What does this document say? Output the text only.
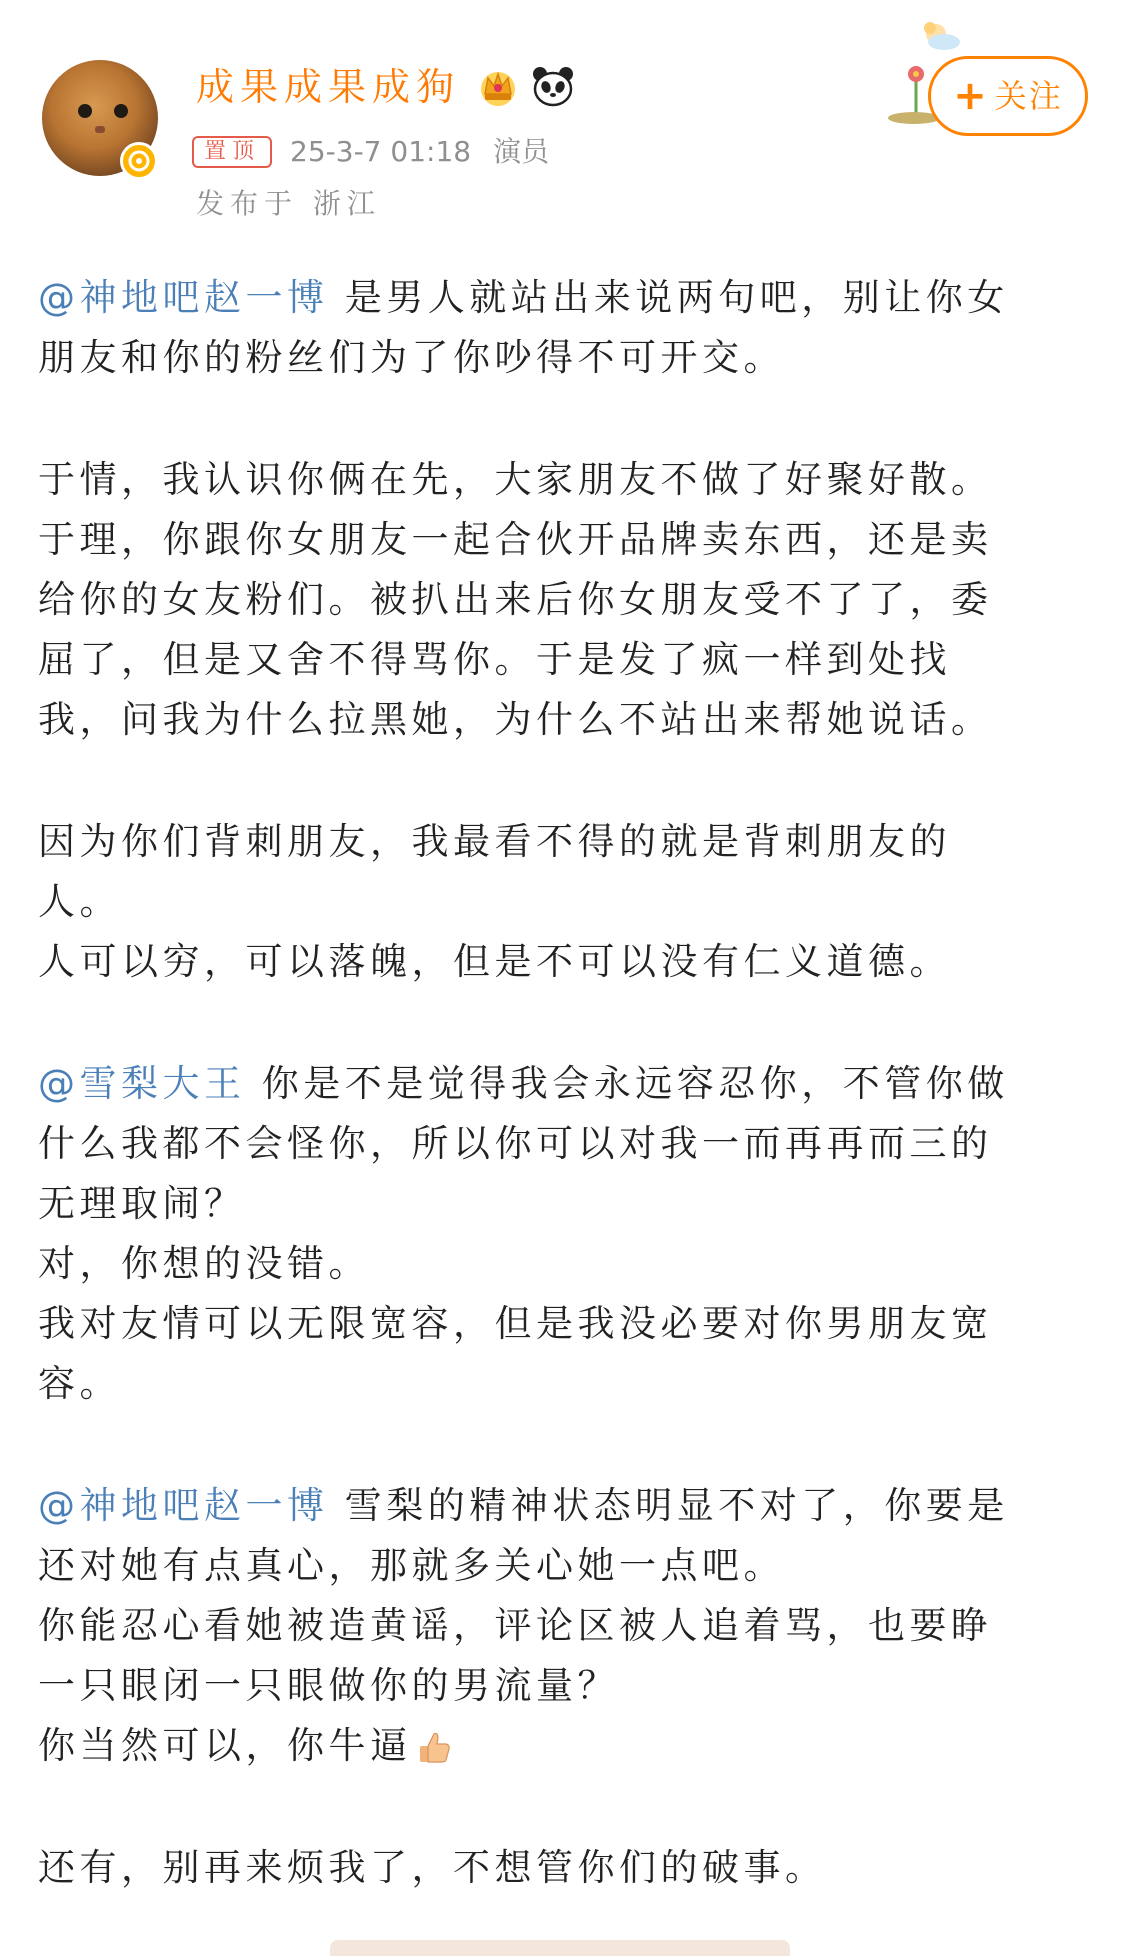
成果成果成狗
置顶 25-3-7 01:18 演员
发布于 浙江
+ 关注

@神地吧赵一博 是男人就站出来说两句吧，别让你女
朋友和你的粉丝们为了你吵得不可开交。

于情，我认识你俩在先，大家朋友不做了好聚好散。
于理，你跟你女朋友一起合伙开品牌卖东西，还是卖
给你的女友粉们。被扒出来后你女朋友受不了了，委
屈了，但是又舍不得骂你。于是发了疯一样到处找
我，问我为什么拉黑她，为什么不站出来帮她说话。

因为你们背刺朋友，我最看不得的就是背刺朋友的
人。
人可以穷，可以落魄，但是不可以没有仁义道德。

@雪梨大王 你是不是觉得我会永远容忍你，不管你做
什么我都不会怪你，所以你可以对我一而再再而三的
无理取闹？
对，你想的没错。
我对友情可以无限宽容，但是我没必要对你男朋友宽
容。

@神地吧赵一博 雪梨的精神状态明显不对了，你要是
还对她有点真心，那就多关心她一点吧。
你能忍心看她被造黄谣，评论区被人追着骂，也要睁
一只眼闭一只眼做你的男流量？
你当然可以，你牛逼

还有，别再来烦我了，不想管你们的破事。
